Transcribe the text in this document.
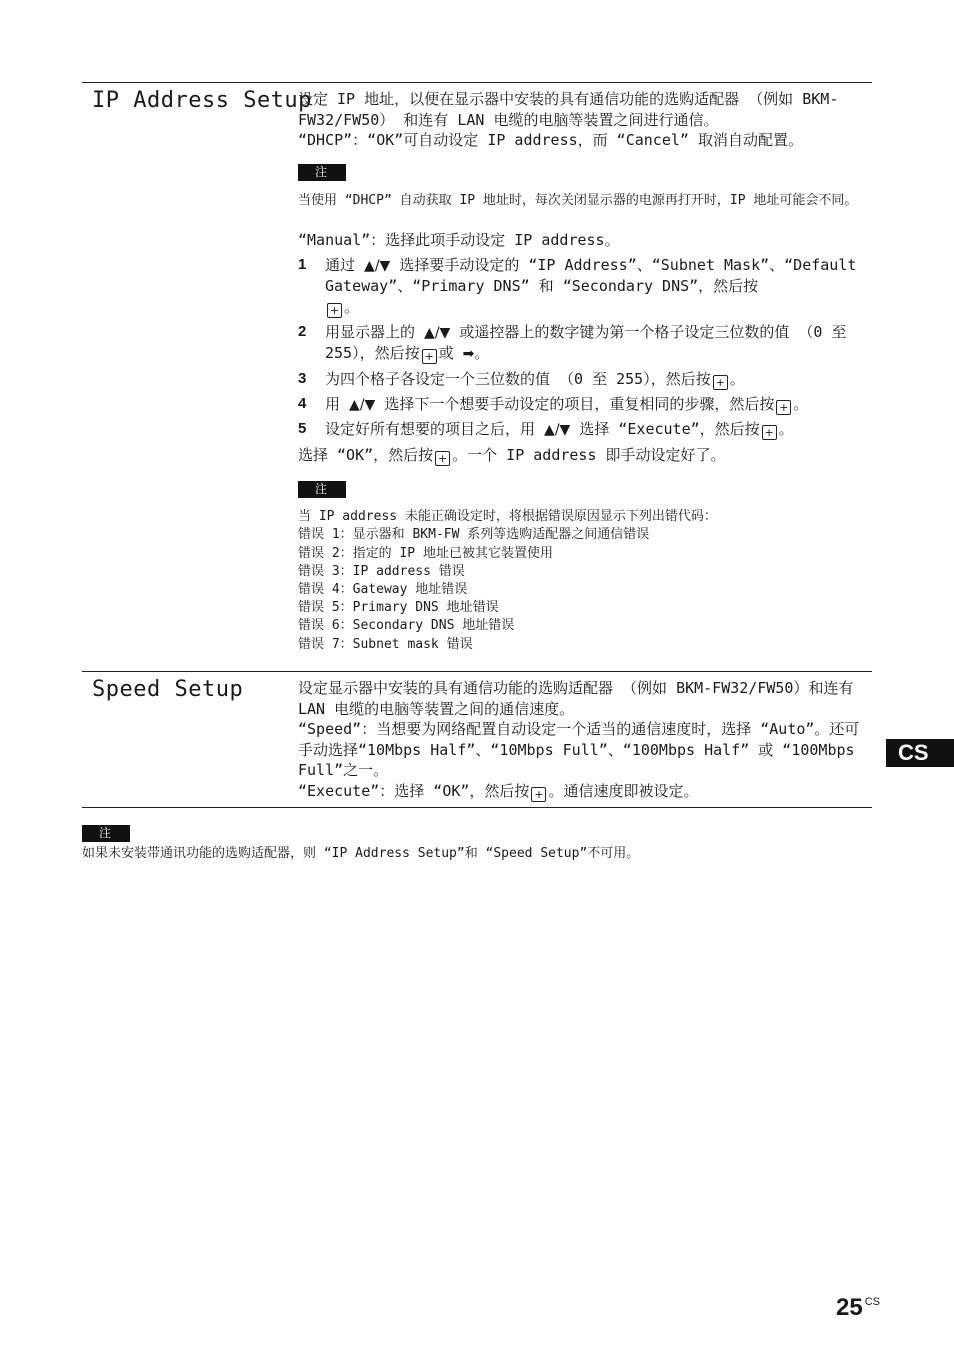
IP Address Setup

设定 IP 地址，以便在显示器中安装的具有通信功能的选购适配器 （例如 BKM-FW32/FW50） 和连有 LAN 电缆的电脑等装置之间进行通信。

“DHCP”：“OK”可自动设定 IP address，而 “Cancel” 取消自动配置。

注

当使用 “DHCP” 自动获取 IP 地址时，每次关闭显示器的电源再打开时，IP 地址可能会不同。

“Manual”：选择此项手动设定 IP address。

1	通过 ▲/▼ 选择要手动设定的 “IP Address”、“Subnet Mask”、“Default Gateway”、“Primary DNS” 和 “Secondary DNS”，然后按
+ 。
2	用显示器上的 ▲/▼ 或遥控器上的数字键为第一个格子设定三位数的值 （0 至 255），然后按 + 或 ➡。
3	为四个格子各设定一个三位数的值 （0 至 255），然后按 + 。
4	用 ▲/▼ 选择下一个想要手动设定的项目，重复相同的步骤，然后按 + 。
5	设定好所有想要的项目之后，用 ▲/▼ 选择 “Execute”，然后按 + 。

选择 “OK”，然后按 + 。一个 IP address 即手动设定好了。

注

当 IP address 未能正确设定时，将根据错误原因显示下列出错代码：

错误 1：显示器和 BKM-FW 系列等选购适配器之间通信错误

错误 2：指定的 IP 地址已被其它装置使用

错误 3：IP address 错误

错误 4：Gateway 地址错误

错误 5：Primary DNS 地址错误

错误 6：Secondary DNS 地址错误

错误 7：Subnet mask 错误

Speed Setup	设定显示器中安装的具有通信功能的选购适配器 （例如 BKM-FW32/FW50）和连有 LAN 电缆的电脑等装置之间的通信速度。

“Speed”：当想要为网络配置自动设定一个适当的通信速度时，选择 “Auto”。还可手动选择“10Mbps Half”、“10Mbps Full”、“100Mbps Half” 或 “100Mbps Full”之一。

“Execute”：选择 “OK”，然后按 + 。通信速度即被设定。

注

如果未安装带通讯功能的选购适配器，则 “IP Address Setup”和 “Speed Setup”不可用。

CS
25 $^{CS}$
